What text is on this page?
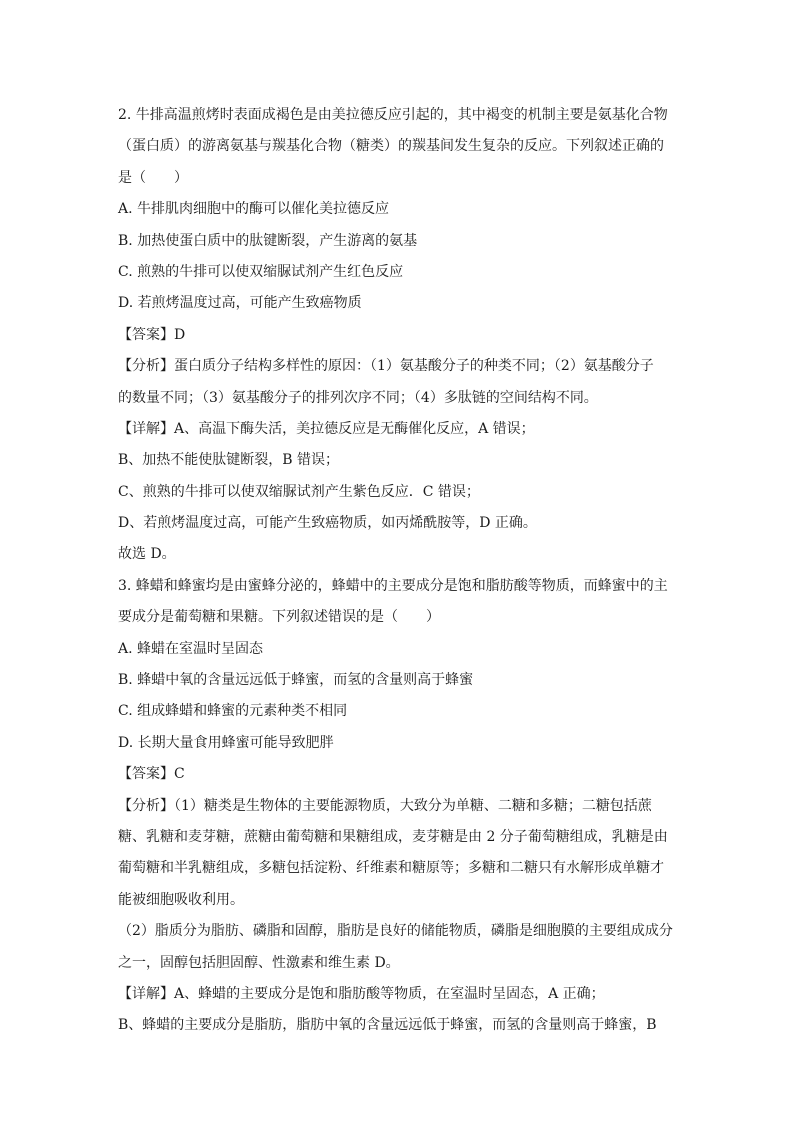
2. 牛排高温煎烤时表面成褐色是由美拉德反应引起的，其中褐变的机制主要是氨基化合物
（蛋白质）的游离氨基与羰基化合物（糖类）的羰基间发生复杂的反应。下列叙述正确的
是（　　）
A. 牛排肌肉细胞中的酶可以催化美拉德反应
B. 加热使蛋白质中的肽键断裂，产生游离的氨基
C. 煎熟的牛排可以使双缩脲试剂产生红色反应
D. 若煎烤温度过高，可能产生致癌物质
【答案】D
【分析】蛋白质分子结构多样性的原因：（1）氨基酸分子的种类不同；（2）氨基酸分子
的数量不同；（3）氨基酸分子的排列次序不同；（4）多肽链的空间结构不同。
【详解】A、高温下酶失活，美拉德反应是无酶催化反应，A 错误；
B、加热不能使肽键断裂，B 错误；
C、煎熟的牛排可以使双缩脲试剂产生紫色反应．C 错误；
D、若煎烤温度过高，可能产生致癌物质，如丙烯酰胺等，D 正确。
故选 D。
3. 蜂蜡和蜂蜜均是由蜜蜂分泌的，蜂蜡中的主要成分是饱和脂肪酸等物质，而蜂蜜中的主
要成分是葡萄糖和果糖。下列叙述错误的是（　　）
A. 蜂蜡在室温时呈固态
B. 蜂蜡中氧的含量远远低于蜂蜜，而氢的含量则高于蜂蜜
C. 组成蜂蜡和蜂蜜的元素种类不相同
D. 长期大量食用蜂蜜可能导致肥胖
【答案】C
【分析】（1）糖类是生物体的主要能源物质，大致分为单糖、二糖和多糖；二糖包括蔗
糖、乳糖和麦芽糖，蔗糖由葡萄糖和果糖组成，麦芽糖是由 2 分子葡萄糖组成，乳糖是由
葡萄糖和半乳糖组成，多糖包括淀粉、纤维素和糖原等；多糖和二糖只有水解形成单糖才
能被细胞吸收利用。
（2）脂质分为脂肪、磷脂和固醇，脂肪是良好的储能物质，磷脂是细胞膜的主要组成成分
之一，固醇包括胆固醇、性激素和维生素 D。
【详解】A、蜂蜡的主要成分是饱和脂肪酸等物质，在室温时呈固态，A 正确；
B、蜂蜡的主要成分是脂肪，脂肪中氧的含量远远低于蜂蜜，而氢的含量则高于蜂蜜，B
